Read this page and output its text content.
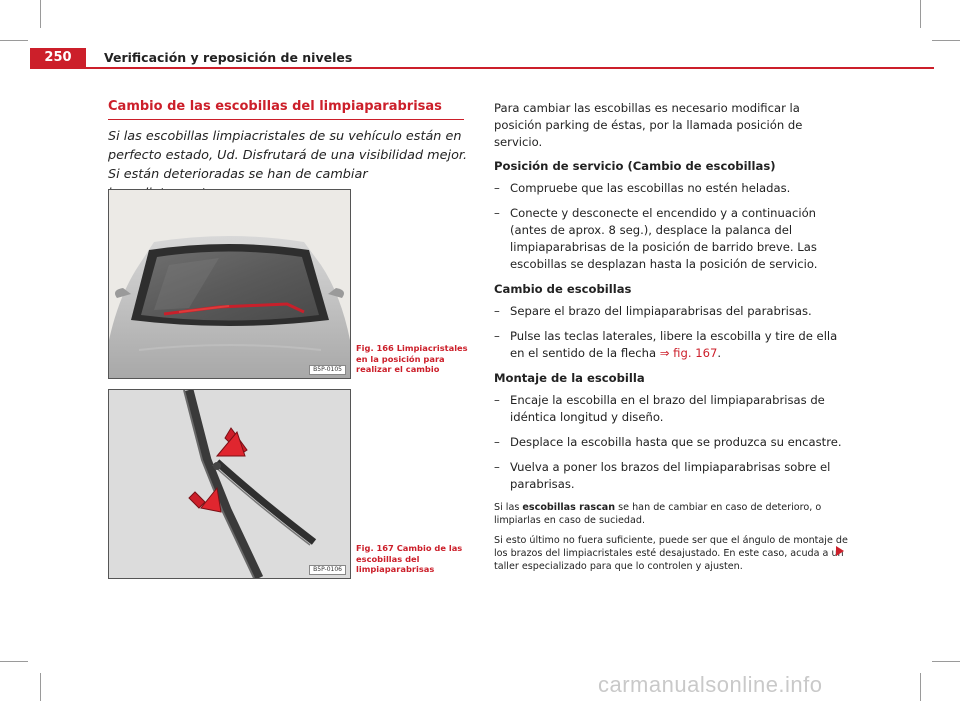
250	Verificación y reposición de niveles
Cambio de las escobillas del limpiaparabrisas
Si las escobillas limpiacristales de su vehículo están en perfecto estado, Ud. Disfrutará de una visibilidad mejor. Si están deterioradas se han de cambiar
B5P-0105
Fig. 166 Limpiacristales en la posición para realizar el cambio
B5P-0106
Fig. 167 Cambio de las escobillas del limpiaparabrisas

Para cambiar las escobillas es necesario modificar la posición parking de éstas, por la llamada posición de servicio.

Posición de servicio (Cambio de escobillas)
– Compruebe que las escobillas no estén heladas.
– Conecte y desconecte el encendido y a continuación (antes de aprox. 8 seg.), desplace la palanca del limpiaparabrisas de la posición de barrido breve. Las escobillas se desplazan hasta la posición de servicio.
Cambio de escobillas
– Separe el brazo del limpiaparabrisas del parabrisas.
– Pulse las teclas laterales, libere la escobilla y tire de ella en el sentido de la flecha ⇒ fig. 167.
Montaje de la escobilla
– Encaje la escobilla en el brazo del limpiaparabrisas de idéntica longitud y diseño.
– Desplace la escobilla hasta que se produzca su encastre.
– Vuelva a poner los brazos del limpiaparabrisas sobre el parabrisas.

Si las escobillas rascan se han de cambiar en caso de deterioro, o limpiarlas en caso de suciedad.

Si esto último no fuera suficiente, puede ser que el ángulo de montaje de los brazos del limpiacristales esté desajustado. En este caso, acuda a un taller especializado para que lo controlen y ajusten.

carmanualsonline.info
